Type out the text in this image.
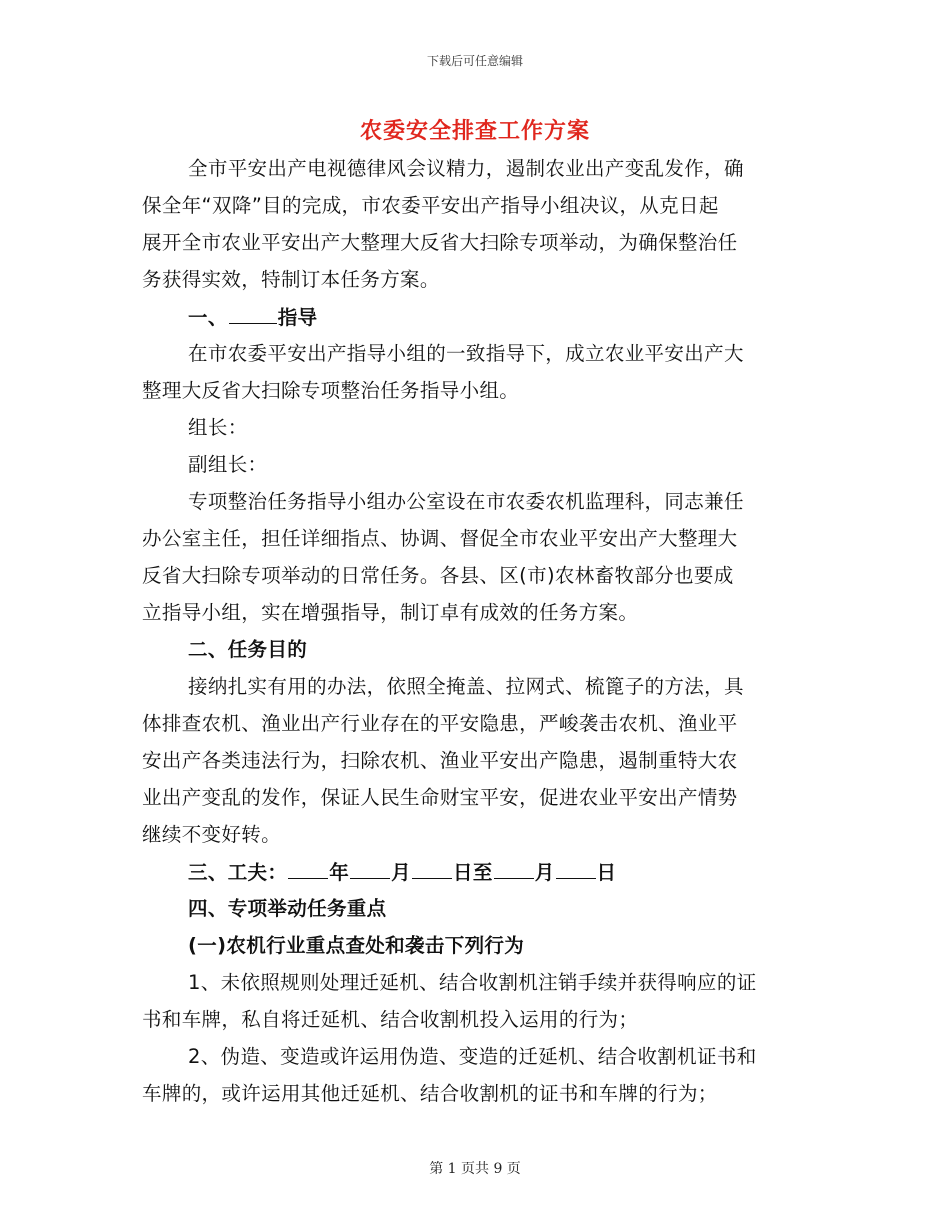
下载后可任意编辑
农委安全排查工作方案
全市平安出产电视德律风会议精力，遏制农业出产变乱发作，确
保全年“双降”目的完成，市农委平安出产指导小组决议，从克日起
展开全市农业平安出产大整理大反省大扫除专项举动，为确保整治任
务获得实效，特制订本任务方案。
一、	指导
在市农委平安出产指导小组的一致指导下，成立农业平安出产大
整理大反省大扫除专项整治任务指导小组。
组长：
副组长：
专项整治任务指导小组办公室设在市农委农机监理科，同志兼任
办公室主任，担任详细指点、协调、督促全市农业平安出产大整理大
反省大扫除专项举动的日常任务。各县、区(市)农林畜牧部分也要成
立指导小组，实在增强指导，制订卓有成效的任务方案。
二、任务目的
接纳扎实有用的办法，依照全掩盖、拉网式、梳篦子的方法，具
体排查农机、渔业出产行业存在的平安隐患，严峻袭击农机、渔业平
安出产各类违法行为，扫除农机、渔业平安出产隐患，遏制重特大农
业出产变乱的发作，保证人民生命财宝平安，促进农业平安出产情势
继续不变好转。
三、工夫： 年 月 日至 月 日
四、专项举动任务重点
(一)农机行业重点查处和袭击下列行为
1、未依照规则处理迁延机、结合收割机注销手续并获得响应的证
书和车牌，私自将迁延机、结合收割机投入运用的行为；
2、伪造、变造或许运用伪造、变造的迁延机、结合收割机证书和
车牌的，或许运用其他迁延机、结合收割机的证书和车牌的行为；
第 1 页共 9 页
